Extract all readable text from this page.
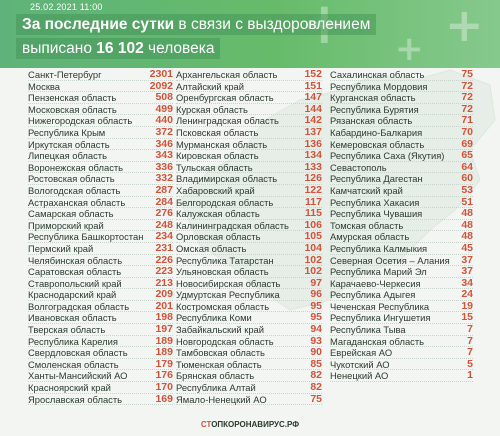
25.02.2021 11:00	+
+
За последние сутки в связи с выздоровлением
выписано 16 102 человека
Санкт-Петербург	2301
Москва	2092
Пензенская область	508
Московская область	499
Нижегородская область 440
Республика Крым	372
Иркутская область	346
Липецкая область	343
Воронежская область	336
Ростовская область	332
Вологодская область	287
Астраханская область	284
Самарская область	276
Приморский край	248
Республика Башкортостан 234
Пермский край	231
Челябинская область	226
Саратовская область	223
Ставропольский край	213
Краснодарский край	209
Волгоградская область	201
Ивановская область	198
Тверская область	197
Республика Карелия	189
Свердловская область	189
Смоленская область	179
Ханты-Мансийский АО	176
Красноярский край	170
Ярославская область	169
Архангельская область	152
Алтайский край	151
Оренбургская область	147
Курская область	144
Ленинградская область 142
Псковская область	137
Мурманская область	136
Кировская область	134
Тульская область	133
Владимирская область	126
Хабаровский край	122
Белгородская область	117
Калужская область	115
Калининградская область 106
Орловская область	105
Омская область	104
Республика Татарстан	102
Ульяновская область	102
Новосибирская область	97
Удмуртская Республика	96
Костромская область	95
Республика Коми	95
Забайкальский край	94
Новгородская область	93
Тамбовская область	90
Тюменская область	85
Брянская область	82
Республика Алтай	82
Ямало-Ненецкий АО	75
Сахалинская область	75
Республика Мордовия	72
Курганская область	72
Республика Бурятия	72
Рязанская область	71
Кабардино-Балкария	70
Кемеровская область	69
Республика Саха (Якутия) 65
Севастополь	64
Республика Дагестан	60
Камчатский край	53
Республика Хакасия	51
Республика Чувашия	48
Томская область	48
Амурская область	48
Республика Калмыкия	45
Северная Осетия – Алания 37
Республика Марий Эл	37
Карачаево-Черкесия	34
Республика Адыгея	24
Чеченская Республика	19
Республика Ингушетия	15
Республика Тыва	7
Магаданская область	7
Еврейская АО	7
Чукотский АО	5
Ненецкий АО	1
СТОПКОРОНАВИРУС.РФ
